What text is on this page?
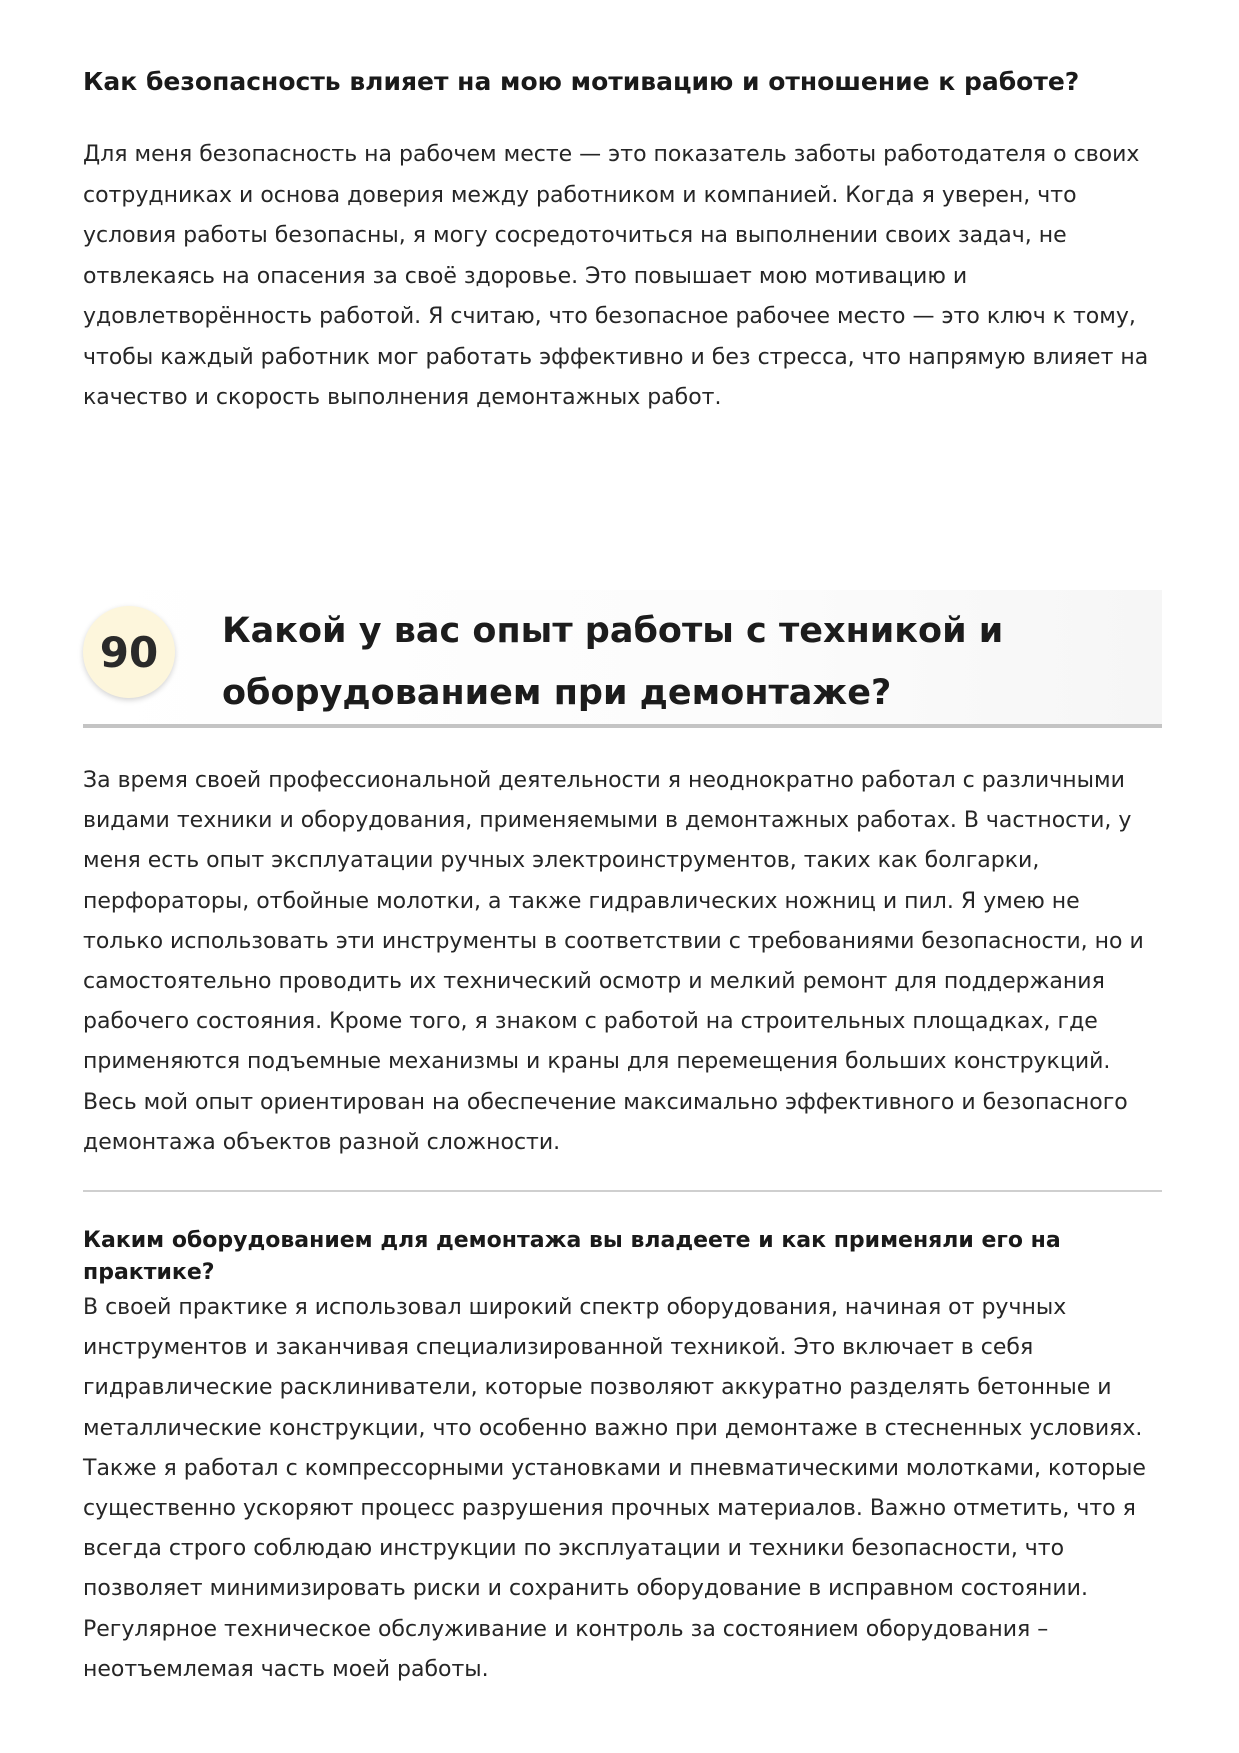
Как безопасность влияет на мою мотивацию и отношение к работе?

Для меня безопасность на рабочем месте — это показатель заботы работодателя о своих сотрудниках и основа доверия между работником и компанией. Когда я уверен, что условия работы безопасны, я могу сосредоточиться на выполнении своих задач, не отвлекаясь на опасения за своё здоровье. Это повышает мою мотивацию и удовлетворённость работой. Я считаю, что безопасное рабочее место — это ключ к тому, чтобы каждый работник мог работать эффективно и без стресса, что напрямую влияет на качество и скорость выполнения демонтажных работ.

90	Какой у вас опыт работы с техникой и оборудованием при демонтаже?

За время своей профессиональной деятельности я неоднократно работал с различными видами техники и оборудования, применяемыми в демонтажных работах. В частности, у меня есть опыт эксплуатации ручных электроинструментов, таких как болгарки, перфораторы, отбойные молотки, а также гидравлических ножниц и пил. Я умею не только использовать эти инструменты в соответствии с требованиями безопасности, но и самостоятельно проводить их технический осмотр и мелкий ремонт для поддержания рабочего состояния. Кроме того, я знаком с работой на строительных площадках, где применяются подъемные механизмы и краны для перемещения больших конструкций. Весь мой опыт ориентирован на обеспечение максимально эффективного и безопасного демонтажа объектов разной сложности.

Каким оборудованием для демонтажа вы владеете и как применяли его на практике?

В своей практике я использовал широкий спектр оборудования, начиная от ручных инструментов и заканчивая специализированной техникой. Это включает в себя гидравлические расклиниватели, которые позволяют аккуратно разделять бетонные и металлические конструкции, что особенно важно при демонтаже в стесненных условиях. Также я работал с компрессорными установками и пневматическими молотками, которые существенно ускоряют процесс разрушения прочных материалов. Важно отметить, что я всегда строго соблюдаю инструкции по эксплуатации и техники безопасности, что позволяет минимизировать риски и сохранить оборудование в исправном состоянии. Регулярное техническое обслуживание и контроль за состоянием оборудования – неотъемлемая часть моей работы.
